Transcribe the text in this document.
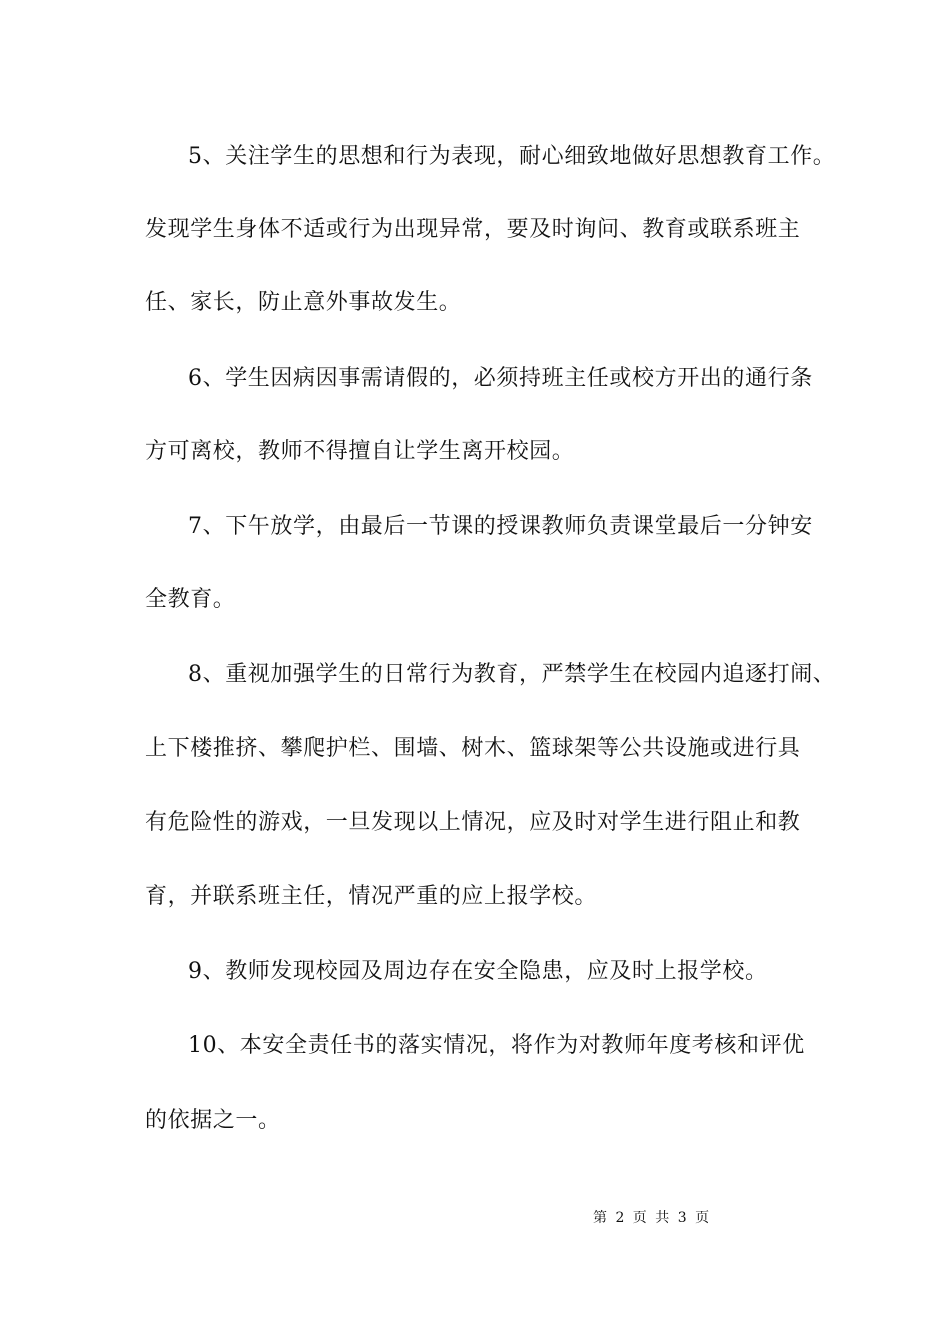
5、关注学生的思想和行为表现，耐心细致地做好思想教育工作。
发现学生身体不适或行为出现异常，要及时询问、教育或联系班主
任、家长，防止意外事故发生。
6、学生因病因事需请假的，必须持班主任或校方开出的通行条
方可离校，教师不得擅自让学生离开校园。
7、下午放学，由最后一节课的授课教师负责课堂最后一分钟安
全教育。
8、重视加强学生的日常行为教育，严禁学生在校园内追逐打闹、
上下楼推挤、攀爬护栏、围墙、树木、篮球架等公共设施或进行具
有危险性的游戏，一旦发现以上情况，应及时对学生进行阻止和教
育，并联系班主任，情况严重的应上报学校。
9、教师发现校园及周边存在安全隐患，应及时上报学校。
10、本安全责任书的落实情况，将作为对教师年度考核和评优
的依据之一。
第 2 页 共 3 页
